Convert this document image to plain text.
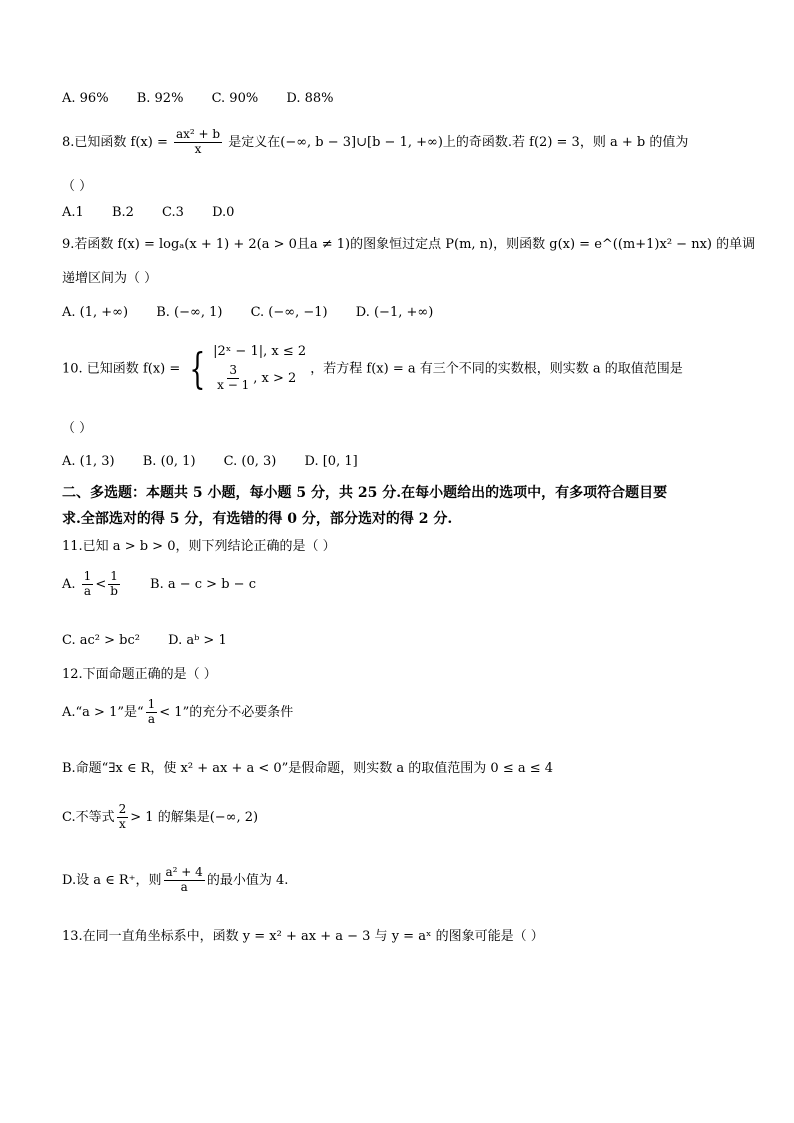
A. 96% B. 92% C. 90% D. 88%
8.已知函数 $f(x) = \frac{\text{ax² + b}}{x}$ 是定义在(−∞, b − 3]∪[b − 1, +∞)上的奇函数.若 f(2) = 3，则 a + b 的值为
（ ）
A.1 B.2 C.3 D.0
9.若函数 f(x) = logₐ(x + 1) + 2(a > 0且a ≠ 1)的图象恒过定点 P(m, n)，则函数 g(x) = e^((m+1)x² − nx) 的单调
递增区间为（ ）
A. (1, +∞) B. (−∞, 1) C. (−∞, −1) D. (−1, +∞)
10. 已知函数 f(x) = { |2ˣ − 1|, x ≤ 2
$\frac{3}{x - 1}$ , x > 2
，若方程 f(x) = a 有三个不同的实数根，则实数 a 的取值范围是
（ ）
A. (1, 3) B. (0, 1) C. (0, 3) D. [0, 1]
二、多选题：本题共 5 小题，每小题 5 分，共 25 分.在每小题给出的选项中，有多项符合题目要
求.全部选对的得 5 分，有选错的得 0 分，部分选对的得 2 分.
11.已知 a > b > 0，则下列结论正确的是（ ）
A. $\frac{1}{a} < \frac{1}{b} B$. a − c > b − c
C. ac² > bc² D. aᵇ > 1
12.下面命题正确的是（ ）
A.“a > 1”是“ $\frac{1}{a} < 1$”的充分不必要条件
B.命题“∃x ∈ R，使 x² + ax + a < 0”是假命题，则实数 a 的取值范围为 0 ≤ a ≤ 4
C.不等式 $\frac{2}{x} > 1$ 的解集是(−∞, 2)
D.设 a ∈ R⁺，则 $\frac{\text{a² + 4}}{a}$ 的最小值为 4.
13.在同一直角坐标系中，函数 y = x² + ax + a − 3 与 y = aˣ 的图象可能是（ ）
